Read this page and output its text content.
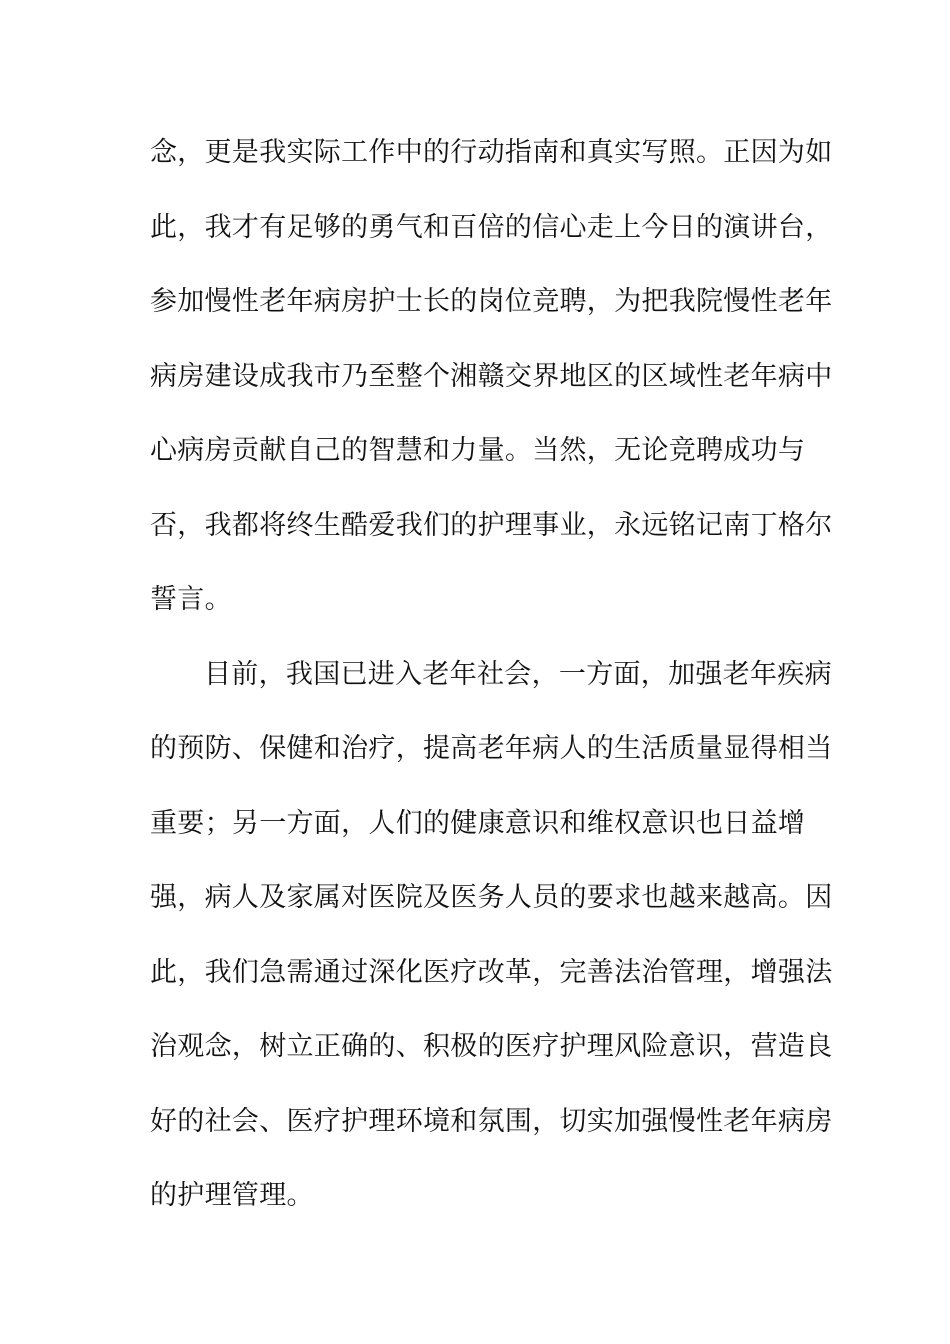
念，更是我实际工作中的行动指南和真实写照。正因为如
此，我才有足够的勇气和百倍的信心走上今日的演讲台，
参加慢性老年病房护士长的岗位竞聘，为把我院慢性老年
病房建设成我市乃至整个湘赣交界地区的区域性老年病中
心病房贡献自己的智慧和力量。当然，无论竞聘成功与
否，我都将终生酷爱我们的护理事业，永远铭记南丁格尔
誓言。
目前，我国已进入老年社会，一方面，加强老年疾病
的预防、保健和治疗，提高老年病人的生活质量显得相当
重要；另一方面，人们的健康意识和维权意识也日益增
强，病人及家属对医院及医务人员的要求也越来越高。因
此，我们急需通过深化医疗改革，完善法治管理，增强法
治观念，树立正确的、积极的医疗护理风险意识，营造良
好的社会、医疗护理环境和氛围，切实加强慢性老年病房
的护理管理。
